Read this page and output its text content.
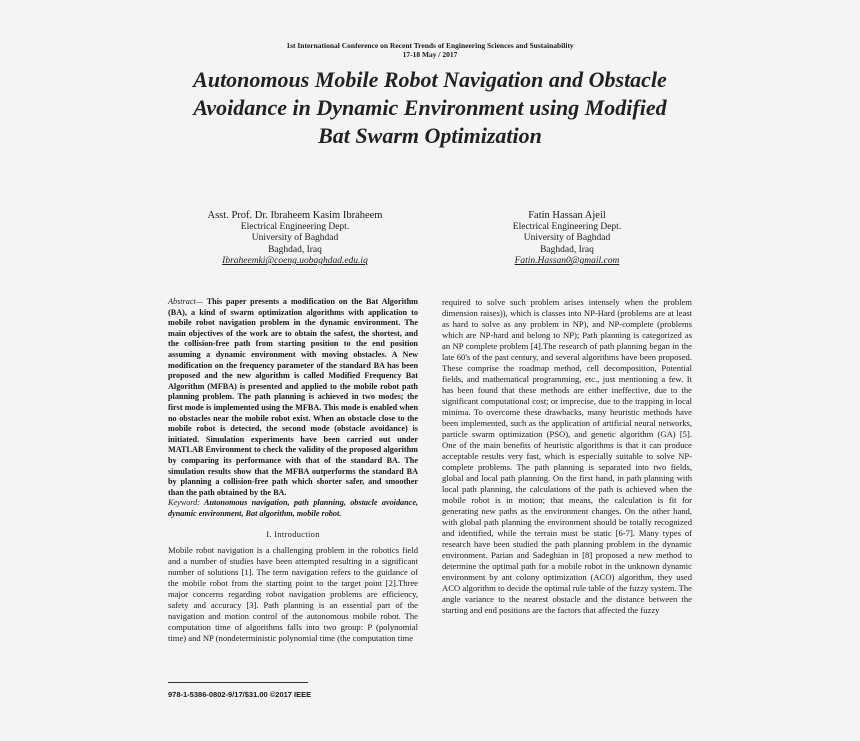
1st International Conference on Recent Trends of Engineering Sciences and Sustainability
17-18 May / 2017
Autonomous Mobile Robot Navigation and Obstacle
Avoidance in Dynamic Environment using Modified
Bat Swarm Optimization
Asst. Prof. Dr. Ibraheem Kasim Ibraheem
Electrical Engineering Dept.
University of Baghdad
Baghdad, Iraq
Ibraheemki@coeng.uobaghdad.edu.iq
Fatin Hassan Ajeil
Electrical Engineering Dept.
University of Baghdad
Baghdad, Iraq
Fatin.Hassan0@gmail.com

Abstract— This paper presents a modification on the Bat Algorithm (BA), a kind of swarm optimization algorithms with application to mobile robot navigation problem in the dynamic environment. The main objectives of the work are to obtain the safest, the shortest, and the collision-free path from starting position to the end position assuming a dynamic environment with moving obstacles. A New modification on the frequency parameter of the standard BA has been proposed and the new algorithm is called Modified Frequency Bat Algorithm (MFBA) is presented and applied to the mobile robot path planning problem. The path planning is achieved in two modes; the first mode is implemented using the MFBA. This mode is enabled when no obstacles near the mobile robot exist. When an obstacle close to the mobile robot is detected, the second mode (obstacle avoidance) is initiated. Simulation experiments have been carried out under MATLAB Environment to check the validity of the proposed algorithm by comparing its performance with that of the standard BA. The simulation results show that the MFBA outperforms the standard BA by planning a collision-free path which shorter safer, and smoother than the path obtained by the BA.

Keyword: Autonomous navigation, path planning, obstacle avoidance, dynamic environment, Bat algorithm, mobile robot.

I. Introduction

Mobile robot navigation is a challenging problem in the robotics field and a number of studies have been attempted resulting in a significant number of solutions [1]. The term navigation refers to the guidance of the mobile robot from the starting point to the target point [2].Three major concerns regarding robot navigation problems are efficiency, safety and accuracy [3]. Path planning is an essential part of the navigation and motion control of the autonomous mobile robot. The computation time of algorithms falls into two group: P (polynomial time) and NP (nondeterministic polynomial time (the computation time

required to solve such problem arises intensely when the problem dimension raises)), which is classes into NP-Hard (problems are at least as hard to solve as any problem in NP), and NP-complete (problems which are NP-hard and belong to NP); Path planning is categorized as an NP complete problem [4].The research of path planning began in the late 60's of the past century, and several algorithms have been proposed. These comprise the roadmap method, cell decomposition, Potential fields, and mathematical programming, etc., just mentioning a few. It has been found that these methods are either ineffective, due to the significant computational cost; or imprecise, due to the trapping in local minima. To overcome these drawbacks, many heuristic methods have been implemented, such as the application of artificial neural networks, particle swarm optimization (PSO), and genetic algorithm (GA) [5]. One of the main benefits of heuristic algorithms is that it can produce acceptable results very fast, which is especially suitable to solve NP-complete problems. The path planning is separated into two fields, global and local path planning. On the first hand, in path planning with local path planning, the calculations of the path is achieved when the mobile robot is in motion; that means, the calculation is fit for generating new paths as the environment changes. On the other hand, with global path planning the environment should be totally recognized and identified, while the terrain must be static [6-7]. Many types of research have been studied the path planning problem in the dynamic environment. Parian and Sadeghian in [8] proposed a new method to determine the optimal path for a mobile robot in the unknown dynamic environment by ant colony optimization (ACO) algorithm, they used ACO algorithm to decide the optimal rule table of the fuzzy system. The angle variance to the nearest obstacle and the distance between the starting and end positions are the factors that affected the fuzzy

978-1-5386-0802-9/17/$31.00 ©2017 IEEE
